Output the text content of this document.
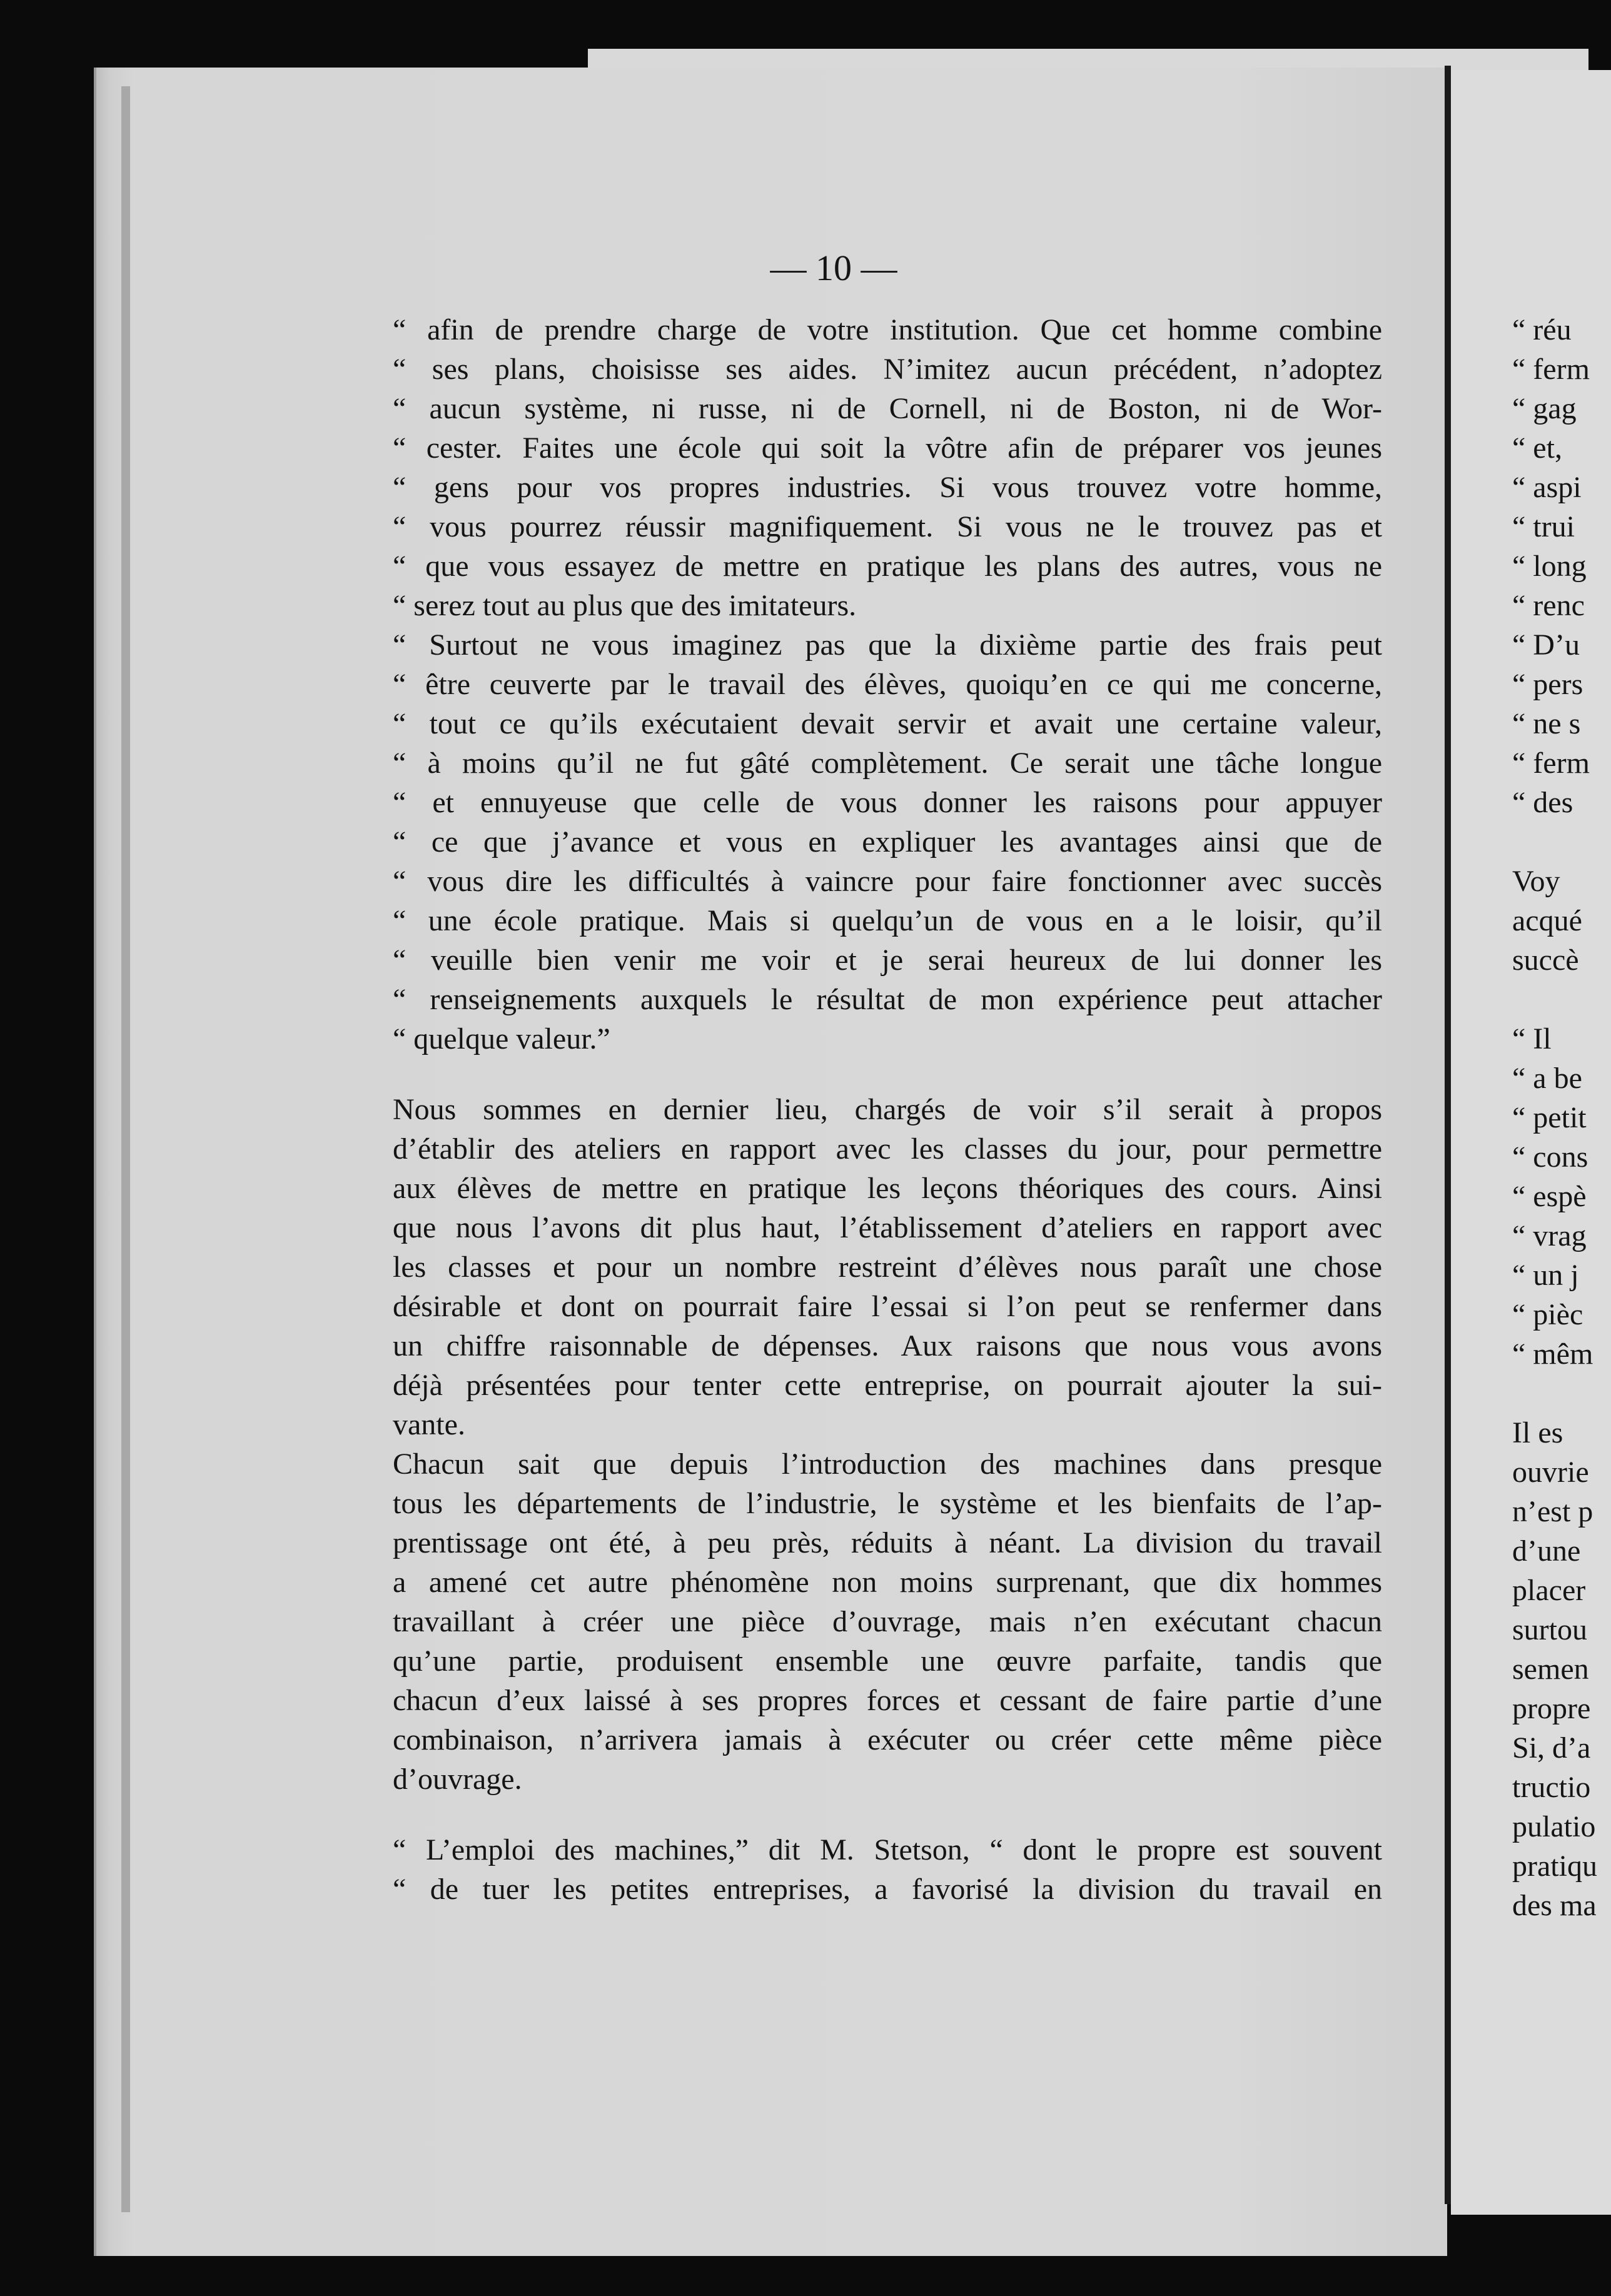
— 10 —
“ afin de prendre charge de votre institution. Que cet homme combine
“ ses plans, choisisse ses aides. N’imitez aucun précédent, n’adoptez
“ aucun système, ni russe, ni de Cornell, ni de Boston, ni de Wor-
“ cester. Faites une école qui soit la vôtre afin de préparer vos jeunes
“ gens pour vos propres industries. Si vous trouvez votre homme,
“ vous pourrez réussir magnifiquement. Si vous ne le trouvez pas et
“ que vous essayez de mettre en pratique les plans des autres, vous ne
“ serez tout au plus que des imitateurs.
“ Surtout ne vous imaginez pas que la dixième partie des frais peut
“ être ceuverte par le travail des élèves, quoiqu’en ce qui me concerne,
“ tout ce qu’ils exécutaient devait servir et avait une certaine valeur,
“ à moins qu’il ne fut gâté complètement. Ce serait une tâche longue
“ et ennuyeuse que celle de vous donner les raisons pour appuyer
“ ce que j’avance et vous en expliquer les avantages ainsi que de
“ vous dire les difficultés à vaincre pour faire fonctionner avec succès
“ une école pratique. Mais si quelqu’un de vous en a le loisir, qu’il
“ veuille bien venir me voir et je serai heureux de lui donner les
“ renseignements auxquels le résultat de mon expérience peut attacher
“ quelque valeur.”
Nous sommes en dernier lieu, chargés de voir s’il serait à propos
d’établir des ateliers en rapport avec les classes du jour, pour permettre
aux élèves de mettre en pratique les leçons théoriques des cours. Ainsi
que nous l’avons dit plus haut, l’établissement d’ateliers en rapport avec
les classes et pour un nombre restreint d’élèves nous paraît une chose
désirable et dont on pourrait faire l’essai si l’on peut se renfermer dans
un chiffre raisonnable de dépenses. Aux raisons que nous vous avons
déjà présentées pour tenter cette entreprise, on pourrait ajouter la sui-
vante.
Chacun sait que depuis l’introduction des machines dans presque
tous les départements de l’industrie, le système et les bienfaits de l’ap-
prentissage ont été, à peu près, réduits à néant. La division du travail
a amené cet autre phénomène non moins surprenant, que dix hommes
travaillant à créer une pièce d’ouvrage, mais n’en exécutant chacun
qu’une partie, produisent ensemble une œuvre parfaite, tandis que
chacun d’eux laissé à ses propres forces et cessant de faire partie d’une
combinaison, n’arrivera jamais à exécuter ou créer cette même pièce
d’ouvrage.
“ L’emploi des machines,” dit M. Stetson, “ dont le propre est souvent
“ de tuer les petites entreprises, a favorisé la division du travail en
“ réu
“ ferm
“ gag
“ et,
“ aspi
“ trui
“ long
“ renc
“ D’u
“ pers
“ ne s
“ ferm
“ des
Voy
acqué
succè
“ Il
“ a be
“ petit
“ cons
“ espè
“ vrag
“ un j
“ pièc
“ mêm
Il es
ouvrie
n’est p
d’une
placer
surtou
semen
propre
Si, d’a
tructio
pulatio
pratiqu
des ma
